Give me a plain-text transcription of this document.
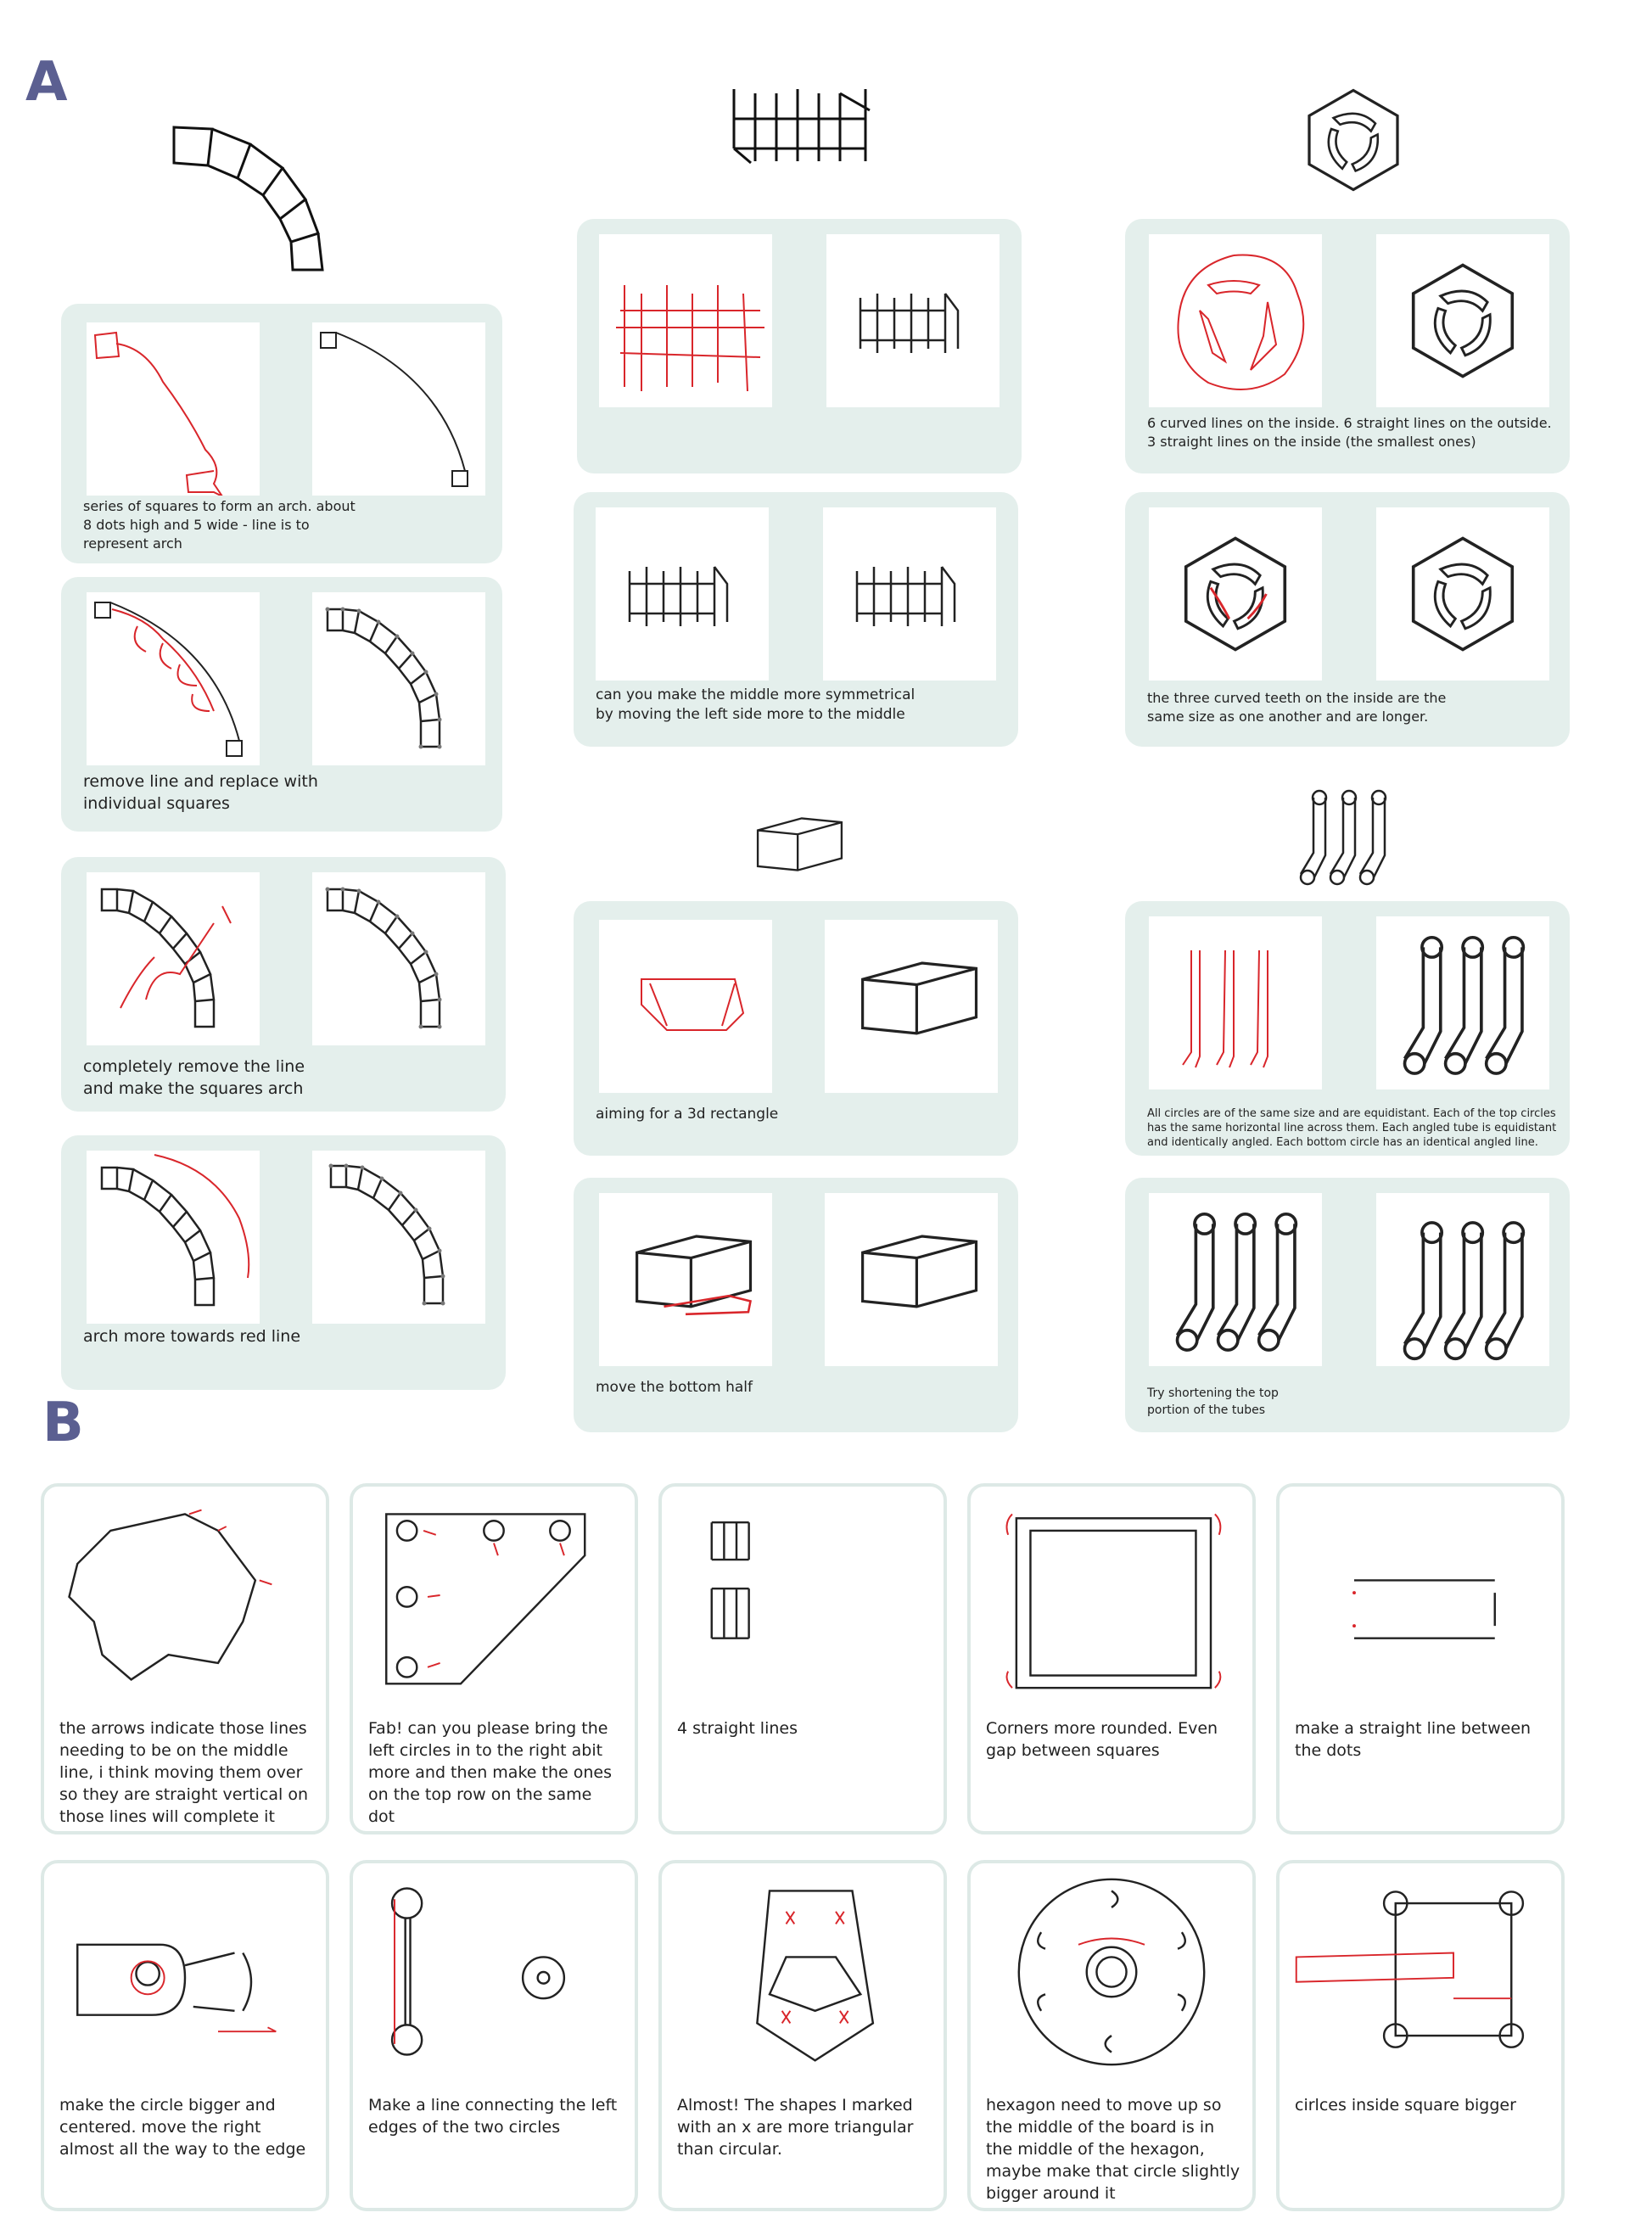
A
series of squares to form an arch. about 8 dots high and 5 wide - line is to represent arch
remove line and replace with individual squares
completely remove the line and make the squares arch
arch more towards red line
can you make the middle more symmetrical by moving the left side more to the middle
6 curved lines on the inside. 6 straight lines on the outside. 3 straight lines on the inside (the smallest ones)
the three curved teeth on the inside are the same size as one another and are longer.
aiming for a 3d rectangle
move the bottom half
All circles are of the same size and are equidistant. Each of the top circles has the same horizontal line across them. Each angled tube is equidistant and identically angled. Each bottom circle has an identical angled line.
Try shortening the top portion of the tubes
B
the arrows indicate those lines needing to be on the middle line, i think moving them over so they are straight vertical on those lines will complete it
Fab! can you please bring the left circles in to the right abit more and then make the ones on the top row on the same dot
4 straight lines	Corners more rounded. Even gap between squares
make a straight line between the dots
make the circle bigger and centered. move the right almost all the way to the edge
Make a line connecting the left edges of the two circles
Almost! The shapes I marked with an x are more triangular than circular.
hexagon need to move up so the middle of the board is in the middle of the hexagon, maybe make that circle slightly bigger around it
cirlces inside square bigger
